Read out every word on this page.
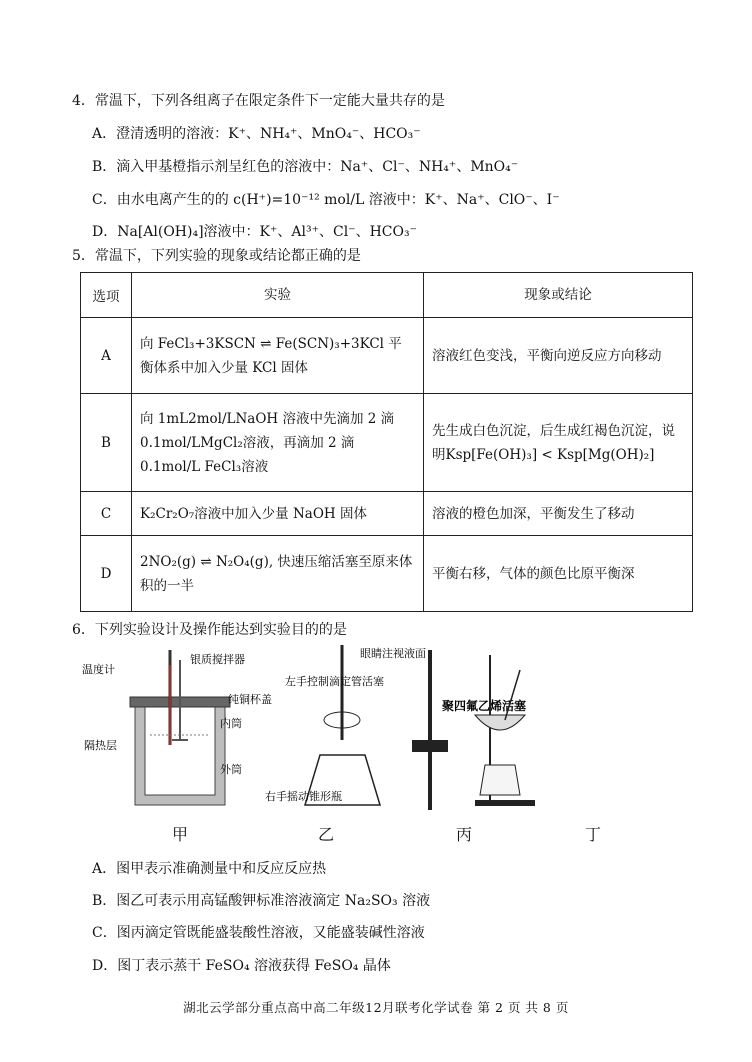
4．常温下，下列各组离子在限定条件下一定能大量共存的是
A．澄清透明的溶液：K⁺、NH₄⁺、MnO₄⁻、HCO₃⁻
B．滴入甲基橙指示剂呈红色的溶液中：Na⁺、Cl⁻、NH₄⁺、MnO₄⁻
C．由水电离产生的的 c(H⁺)=10⁻¹² mol/L 溶液中：K⁺、Na⁺、ClO⁻、I⁻
D．Na[Al(OH)₄]溶液中：K⁺、Al³⁺、Cl⁻、HCO₃⁻
5．常温下，下列实验的现象或结论都正确的是
选项	实验	现象或结论
A	向 FeCl₃+3KSCN ⇌ Fe(SCN)₃+3KCl 平衡体系中加入少量 KCl 固体	溶液红色变浅，平衡向逆反应方向移动
B	向 1mL2mol/LNaOH 溶液中先滴加 2 滴 0.1mol/LMgCl₂溶液，再滴加 2 滴 0.1mol/L FeCl₃溶液	先生成白色沉淀，后生成红褐色沉淀，说明Ksp[Fe(OH)₃] < Ksp[Mg(OH)₂]
C	K₂Cr₂O₇溶液中加入少量 NaOH 固体	溶液的橙色加深，平衡发生了移动
D	2NO₂(g) ⇌ N₂O₄(g), 快速压缩活塞至原来体积的一半	平衡右移，气体的颜色比原平衡深
6．下列实验设计及操作能达到实验目的的是
温度计
银质搅拌器
纯铜杯盖
内筒
隔热层
外筒
左手控制滴定管活塞
眼睛注视液面
右手摇动锥形瓶
聚四氟乙烯活塞
甲	乙	丙	丁
A．图甲表示准确测量中和反应反应热
B．图乙可表示用高锰酸钾标准溶液滴定 Na₂SO₃ 溶液
C．图丙滴定管既能盛装酸性溶液，又能盛装碱性溶液
D．图丁表示蒸干 FeSO₄ 溶液获得 FeSO₄ 晶体
湖北云学部分重点高中高二年级12月联考化学试卷 第 2 页 共 8 页
